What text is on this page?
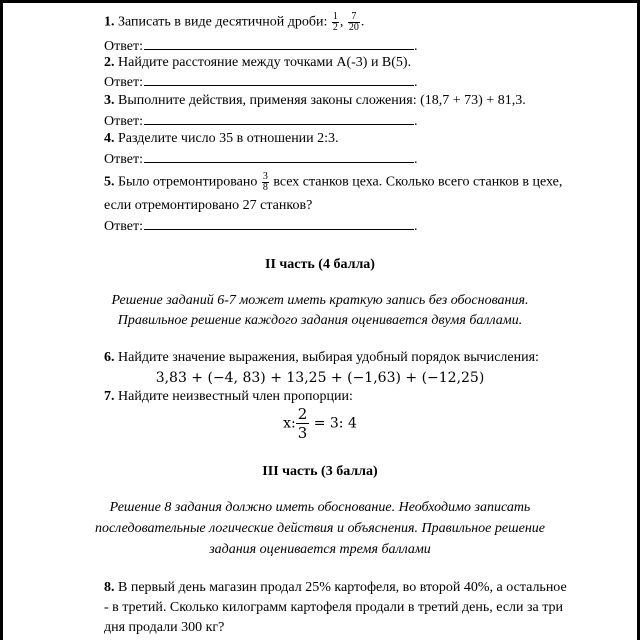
1. Записать в виде десятичной дроби: $\frac{1}{2}$ , $\frac{7}{20}$ .
Ответ:	.
2. Найдите расстояние между точками A(-3) и B(5).
Ответ:	.
3. Выполните действия, применяя законы сложения: (18,7 + 73) + 81,3.
Ответ:	.
4. Разделите число 35 в отношении 2:3.
Ответ:	.
5. Было отремонтировано $\frac{3}{8}$ всех станков цеха. Сколько всего станков в цехе,
если отремонтировано 27 станков?
Ответ:	.
II часть (4 балла)
Решение заданий 6-7 может иметь краткую запись без обоснования.
Правильное решение каждого задания оценивается двумя баллами.
6. Найдите значение выражения, выбирая удобный порядок вычисления:
3,83 + (−4, 83) + 13,25 + (−1,63) + (−12,25)
7. Найдите неизвестный член пропорции:
x: $\frac{2}{3} = 3$: 4
III часть (3 балла)
Решение 8 задания должно иметь обоснование. Необходимо записать
последовательные логические действия и объяснения. Правильное решение
задания оценивается тремя баллами
8. В первый день магазин продал 25% картофеля, во второй 40%, а остальное
- в третий. Сколько килограмм картофеля продали в третий день, если за три
дня продали 300 кг?
